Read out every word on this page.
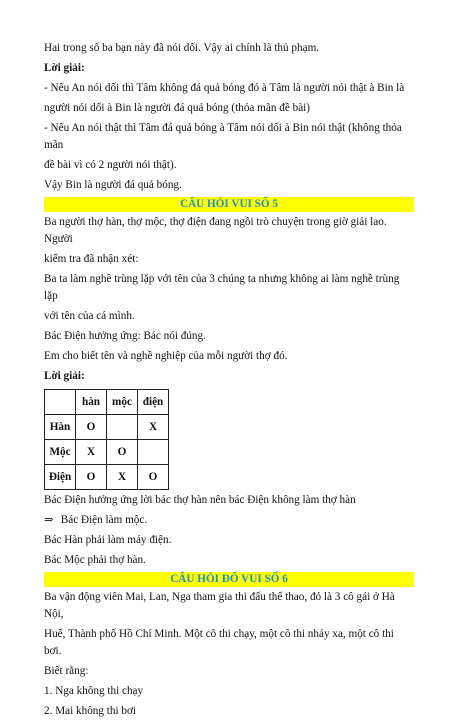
Hai trong số ba bạn này đã nói dối. Vậy ai chính là thủ phạm.

Lời giải:

- Nếu An nói dối thì Tâm không đá quả bóng đó à Tâm là người nói thật à Bin là

người nói dối à Bin là người đá quả bóng (thỏa mãn đề bài)

- Nếu An nói thật thì Tâm đá quả bóng à Tâm nói dối à Bin nói thật (không thỏa mãn

đề bài vì có 2 người nói thật).

Vậy Bin là người đá quả bóng.

CÂU HỎI VUI SỐ 5

Ba người thợ hàn, thợ mộc, thợ điện đang ngồi trò chuyện trong giờ giải lao. Người

kiểm tra đã nhận xét:

Ba ta làm nghề trùng lặp với tên của 3 chúng ta nhưng không ai làm nghề trùng lặp

với tên của cá mình.

Bác Điện hưởng ứng: Bác nói đúng.

Em cho biết tên và nghề nghiệp của mỗi người thợ đó.

Lời giải:

	hàn	mộc	điện
Hàn	O		X
Mộc	X	O	
Điện	O	X	O

Bác Điện hưởng ứng lời bác thợ hàn nên bác Điện không làm thợ hàn

⇒ Bác Điện làm mộc.

Bác Hàn phải làm máy điện.

Bác Mộc phải thợ hàn.

CÂU HỎI ĐỐ VUI SỐ 6

Ba vận động viên Mai, Lan, Nga tham gia thi đấu thể thao, đó là 3 cô gái ở Hà Nội,

Huế, Thành phố Hồ Chí Minh. Một cô thi chạy, một cô thi nhảy xa, một cô thi bơi.

Biết rằng:

1. Nga không thi chạy

2. Mai không thi bơi
